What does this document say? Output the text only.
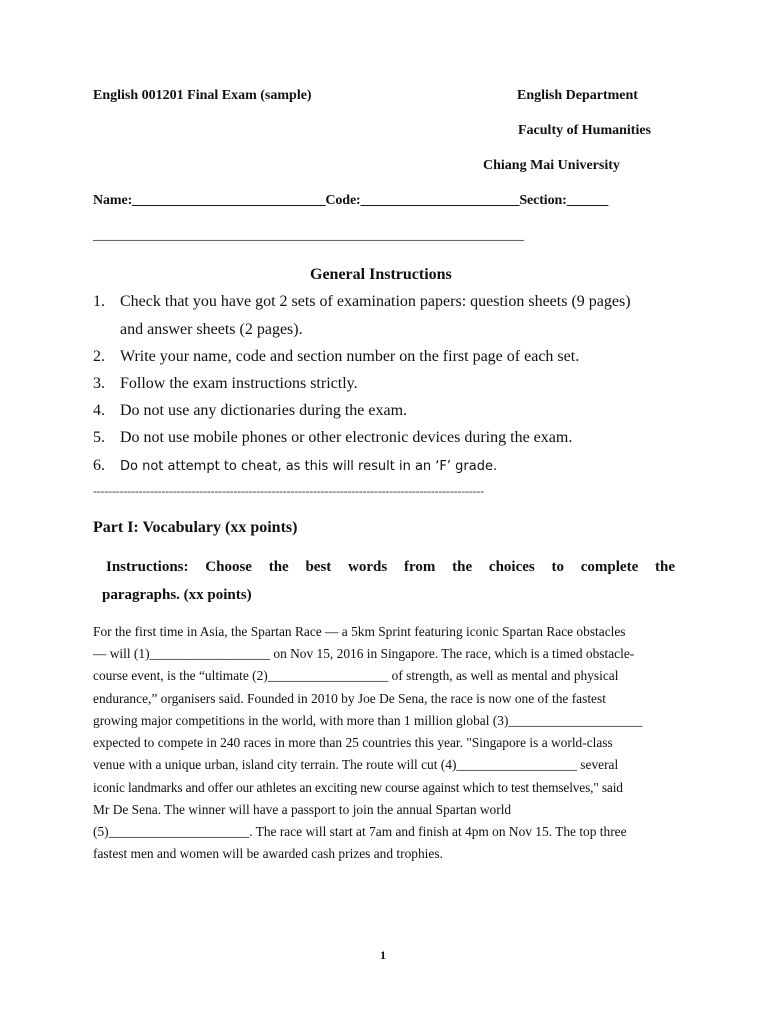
English 001201 Final Exam (sample)	English Department
Faculty of Humanities
Chiang Mai University
Name:____________________________Code:_______________________Section:______
______________________________________________________________
General Instructions
1. Check that you have got 2 sets of examination papers: question sheets (9 pages)
and answer sheets (2 pages).
2. Write your name, code and section number on the first page of each set.
3. Follow the exam instructions strictly.
4. Do not use any dictionaries during the exam.
5. Do not use mobile phones or other electronic devices during the exam.
6. Do not attempt to cheat, as this will result in an ‘F’ grade.
-------------------------------------------------------------------------------------------------------
Part I: Vocabulary (xx points)
Instructions: Choose the best words from the choices to complete the
paragraphs. (xx points)
For the first time in Asia, the Spartan Race — a 5km Sprint featuring iconic Spartan Race obstacles
— will (1)__________________ on Nov 15, 2016 in Singapore. The race, which is a timed obstacle-
course event, is the “ultimate (2)__________________ of strength, as well as mental and physical
endurance,” organisers said. Founded in 2010 by Joe De Sena, the race is now one of the fastest
growing major competitions in the world, with more than 1 million global (3)____________________
expected to compete in 240 races in more than 25 countries this year. "Singapore is a world-class
venue with a unique urban, island city terrain. The route will cut (4)__________________ several
iconic landmarks and offer our athletes an exciting new course against which to test themselves," said
Mr De Sena. The winner will have a passport to join the annual Spartan world
(5)_____________________. The race will start at 7am and finish at 4pm on Nov 15. The top three
fastest men and women will be awarded cash prizes and trophies.
1
